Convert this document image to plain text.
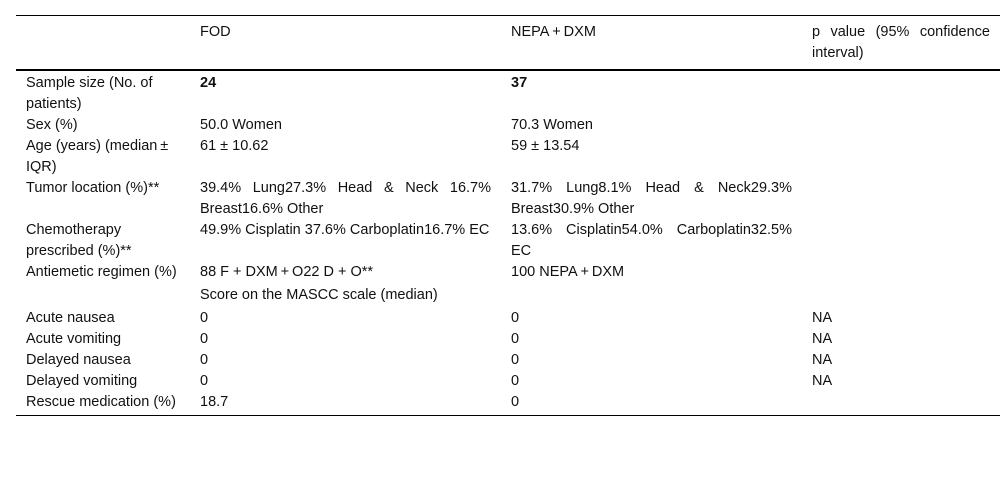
	FOD	NEPA + DXM	p value (95% confidence interval)
Sample size (No. of patients)	24	37	
Sex (%)	50.0 Women	70.3 Women	
Age (years) (median ± IQR)	61 ± 10.62	59 ± 13.54	
Tumor location (%)**	39.4% Lung27.3% Head & Neck 16.7% Breast16.6% Other	31.7% Lung8.1% Head & Neck29.3% Breast30.9% Other	
Chemotherapy prescribed (%)**	49.9% Cisplatin 37.6% Carboplatin16.7% EC	13.6% Cisplatin54.0% Carboplatin32.5% EC	
Antiemetic regimen (%)	88 F + DXM + O22 D + O**	100 NEPA + DXM	
	Score on the MASCC scale (median)		
Acute nausea	0	0	NA
Acute vomiting	0	0	NA
Delayed nausea	0	0	NA
Delayed vomiting	0	0	NA
Rescue medication (%)	18.7	0	
